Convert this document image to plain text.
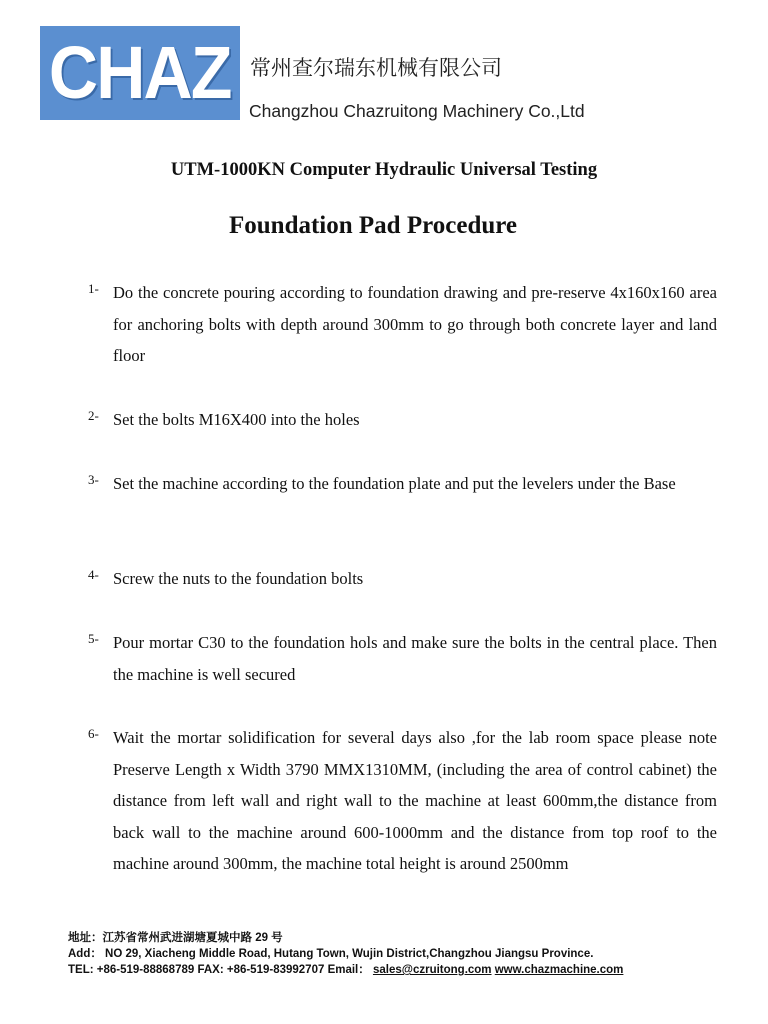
CHAZ 常州查尔瑞东机械有限公司
Changzhou Chazruitong Machinery Co.,Ltd
UTM-1000KN Computer Hydraulic Universal Testing
Foundation Pad Procedure
1- Do the concrete pouring according to foundation drawing and pre-reserve 4x160x160 area for anchoring bolts with depth around 300mm to go through both concrete layer and land floor
2- Set the bolts M16X400 into the holes
3- Set the machine according to the foundation plate and put the levelers under the Base
4- Screw the nuts to the foundation bolts
5- Pour mortar C30 to the foundation hols and make sure the bolts in the central place. Then the machine is well secured
6- Wait the mortar solidification for several days also ,for the lab room space please note Preserve Length x Width 3790 MMX1310MM, (including the area of control cabinet) the distance from left wall and right wall to the machine at least 600mm,the distance from back wall to the machine around 600-1000mm and the distance from top roof to the machine around 300mm, the machine total height is around 2500mm
地址：江苏省常州武进湖塘夏城中路 29 号
Add： NO 29, Xiacheng Middle Road, Hutang Town, Wujin District,Changzhou Jiangsu Province.
TEL: +86-519-88868789 FAX: +86-519-83992707 Email： sales@czruitong.com www.chazmachine.com
